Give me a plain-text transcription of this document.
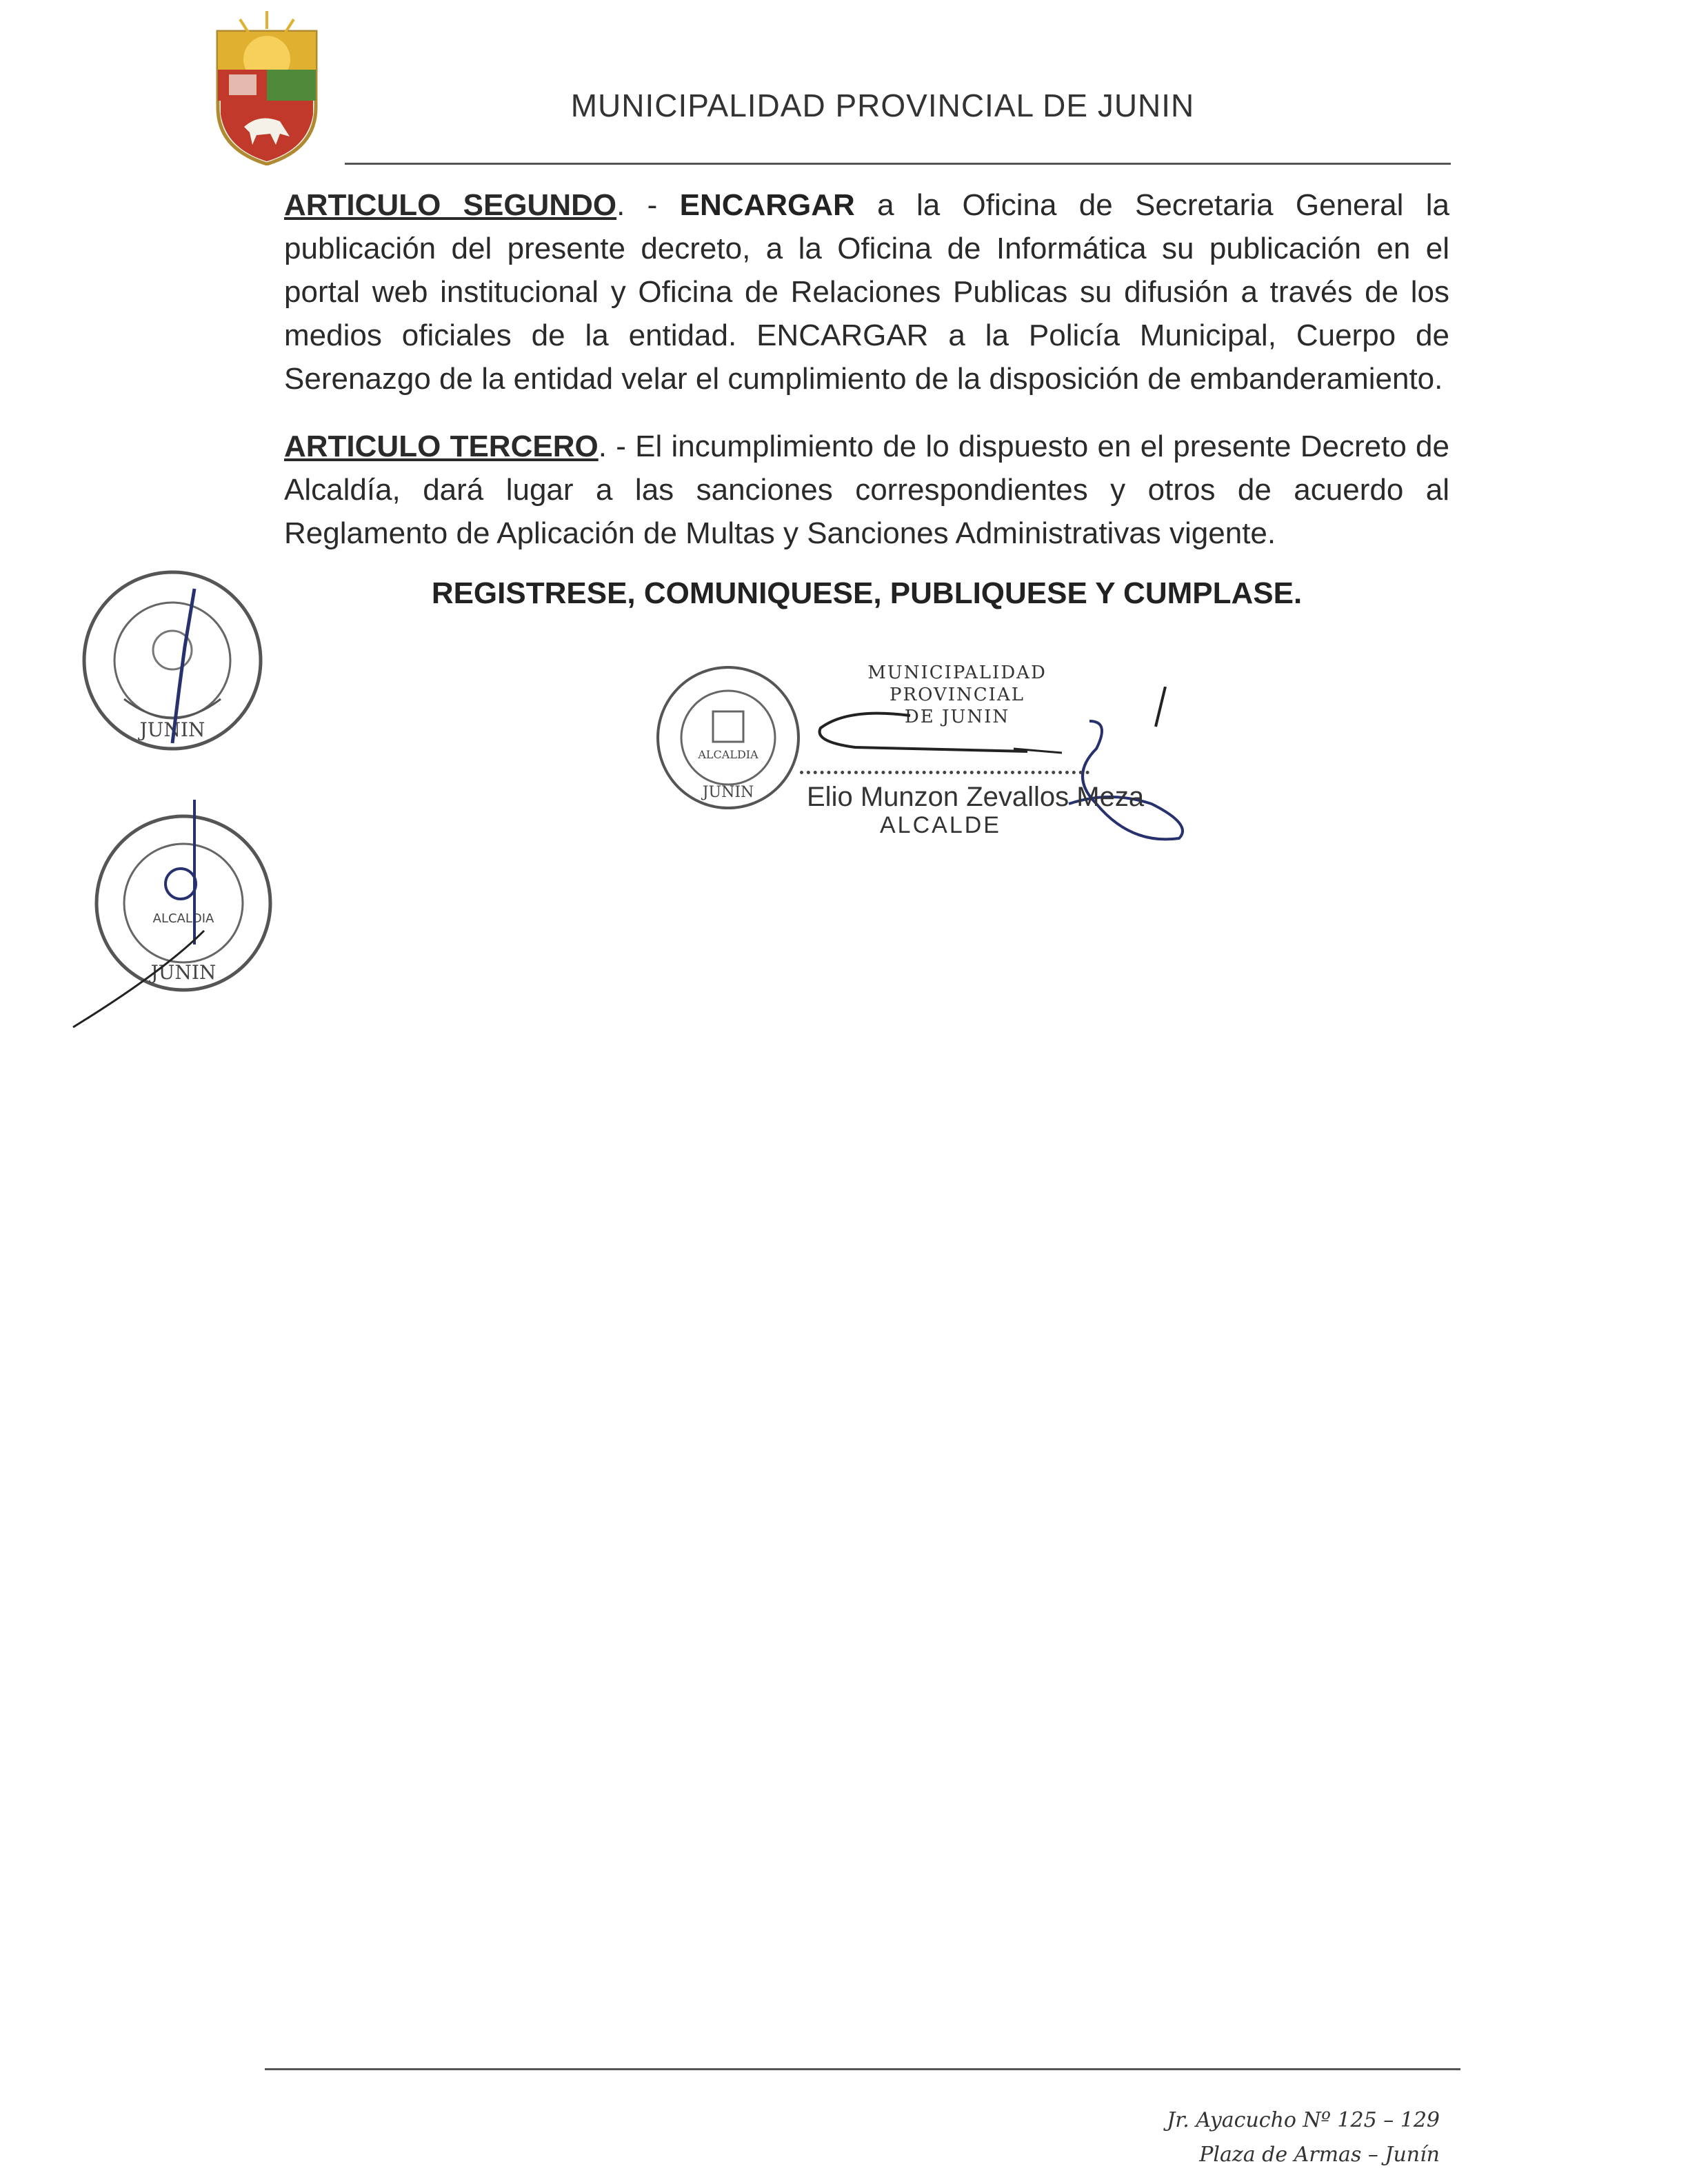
MUNICIPALIDAD PROVINCIAL DE JUNIN
ARTICULO SEGUNDO. - ENCARGAR a la Oficina de Secretaria General la publicación del presente decreto, a la Oficina de Informática su publicación en el portal web institucional y Oficina de Relaciones Publicas su difusión a través de los medios oficiales de la entidad. ENCARGAR a la Policía Municipal, Cuerpo de Serenazgo de la entidad velar el cumplimiento de la disposición de embanderamiento.
ARTICULO TERCERO. - El incumplimiento de lo dispuesto en el presente Decreto de Alcaldía, dará lugar a las sanciones correspondientes y otros de acuerdo al Reglamento de Aplicación de Multas y Sanciones Administrativas vigente.
REGISTRESE, COMUNIQUESE, PUBLIQUESE Y CUMPLASE.
JUNIN
ALCALDIA
JUNIN
ALCALDIA
JUNIN
MUNICIPALIDAD PROVINCIAL
DE JUNIN
Elio Munzon Zevallos Meza
ALCALDE
Jr. Ayacucho Nº 125 – 129
Plaza de Armas – Junín
